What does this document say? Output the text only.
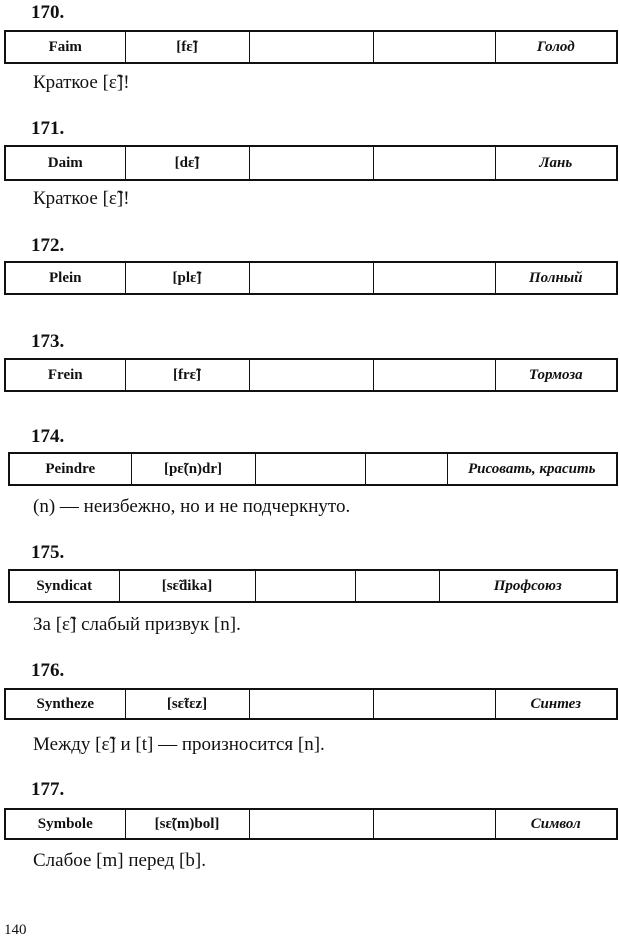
170.
Faim	[fɛ̃]			Голод
Краткое [ɛ̃]!
171.
Daim	[dɛ̃]			Лань
Краткое [ɛ̃]!
172.
Plein	[plɛ̃]			Полный
173.
Frein	[frɛ̃]			Тормоза
174.
Peindre	[pɛ̃(n)dr]			Рисовать, красить
(n) — неизбежно, но и не подчеркнуто.
175.
Syndicat	[sɛ̃dika]			Профсоюз
За [ɛ̃] слабый призвук [n].
176.
Syntheze	[sɛ̃tɛz]			Синтез
Между [ɛ̃] и [t] — произносится [n].
177.
Symbole	[sɛ̃(m)bol]			Символ
Слабое [m] перед [b].
140
